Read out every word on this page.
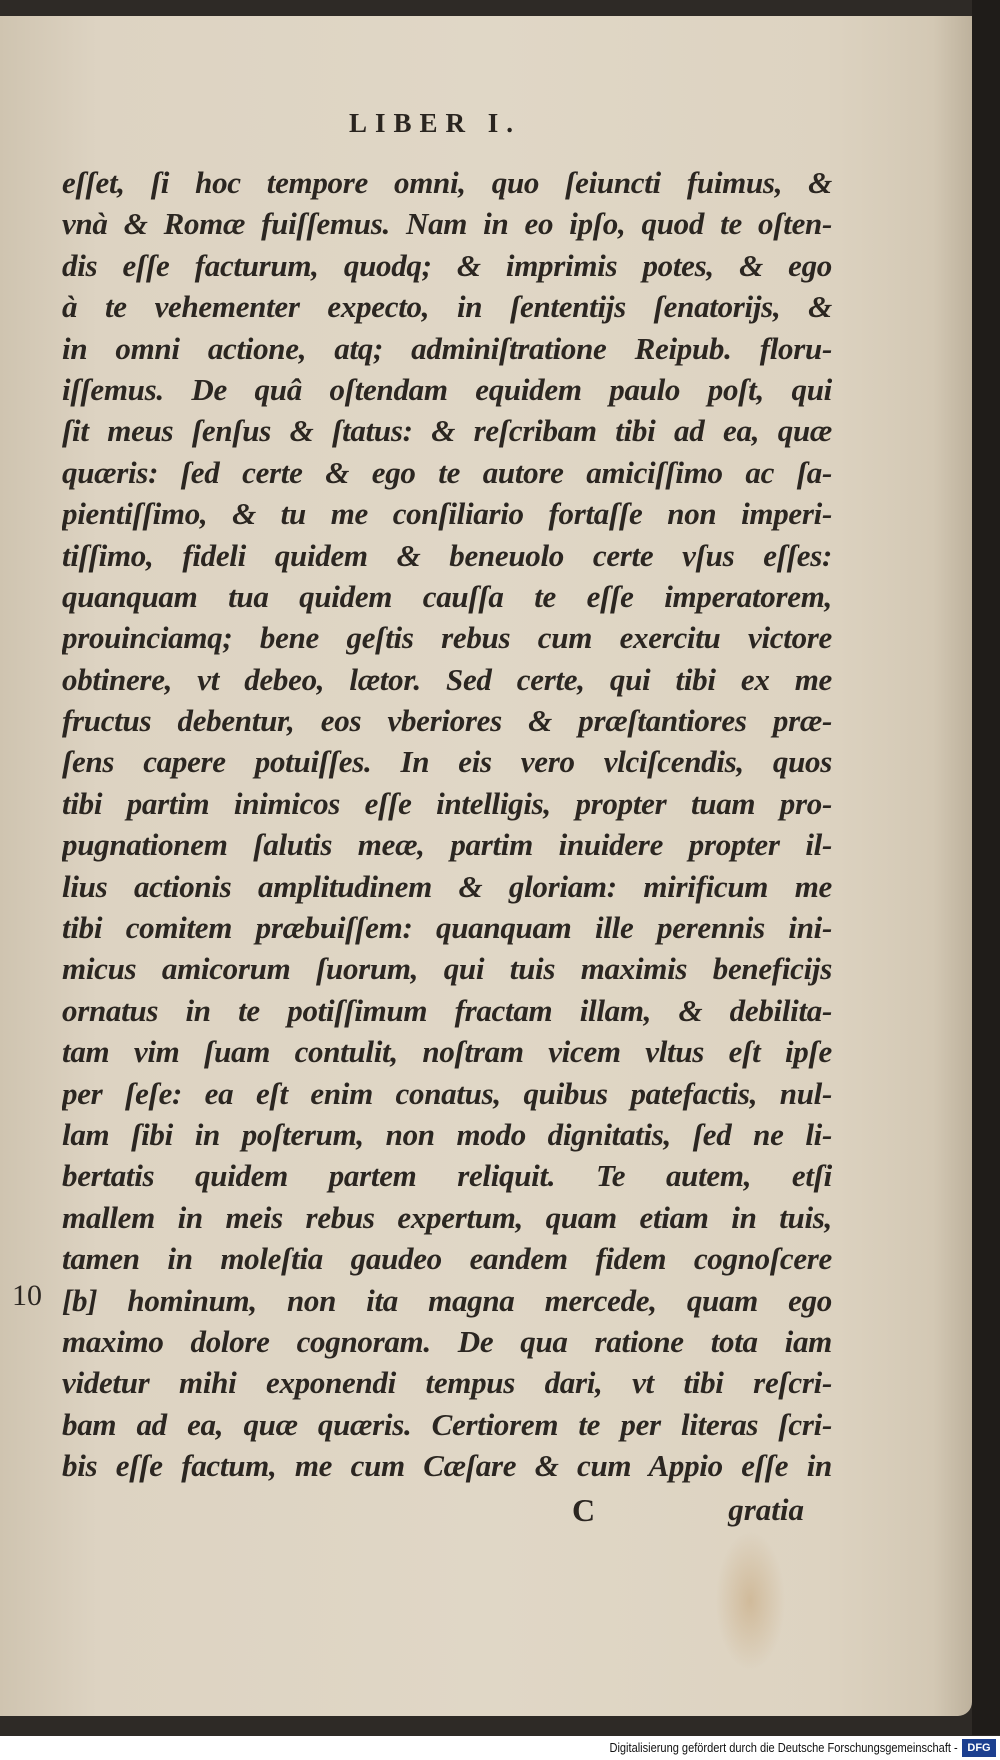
LIBER I.
eſſet, ſi hoc tempore omni, quo ſeiuncti fuimus, &
vnà & Romæ fuiſſemus. Nam in eo ipſo, quod te oſten-
dis eſſe facturum, quodq; & imprimis potes, & ego
à te vehementer expecto, in ſententijs ſenatorijs, &
in omni actione, atq; adminiſtratione Reipub. floru-
iſſemus. De quâ oſtendam equidem paulo poſt, qui
ſit meus ſenſus & ſtatus: & reſcribam tibi ad ea, quæ
quæris: ſed certe & ego te autore amiciſſimo ac ſa-
pientiſſimo, & tu me conſiliario fortaſſe non imperi-
tiſſimo, fideli quidem & beneuolo certe vſus eſſes:
quanquam tua quidem cauſſa te eſſe imperatorem,
prouinciamq; bene geſtis rebus cum exercitu victore
obtinere, vt debeo, lætor. Sed certe, qui tibi ex me
fructus debentur, eos vberiores & præſtantiores præ-
ſens capere potuiſſes. In eis vero vlciſcendis, quos
tibi partim inimicos eſſe intelligis, propter tuam pro-
pugnationem ſalutis meæ, partim inuidere propter il-
lius actionis amplitudinem & gloriam: mirificum me
tibi comitem præbuiſſem: quanquam ille perennis ini-
micus amicorum ſuorum, qui tuis maximis beneficijs
ornatus in te potiſſimum fractam illam, & debilita-
tam vim ſuam contulit, noſtram vicem vltus eſt ipſe
per ſeſe: ea eſt enim conatus, quibus patefactis, nul-
lam ſibi in poſterum, non modo dignitatis, ſed ne li-
bertatis quidem partem reliquit. Te autem, etſi
mallem in meis rebus expertum, quam etiam in tuis,
tamen in moleſtia gaudeo eandem fidem cognoſcere
[b] hominum, non ita magna mercede, quam ego
maximo dolore cognoram. De qua ratione tota iam
videtur mihi exponendi tempus dari, vt tibi reſcri-
bam ad ea, quæ quæris. Certiorem te per literas ſcri-
bis eſſe factum, me cum Cæſare & cum Appio eſſe in
10
C	gratia
Digitalisierung gefördert durch die Deutsche Forschungsgemeinschaft - DFG
